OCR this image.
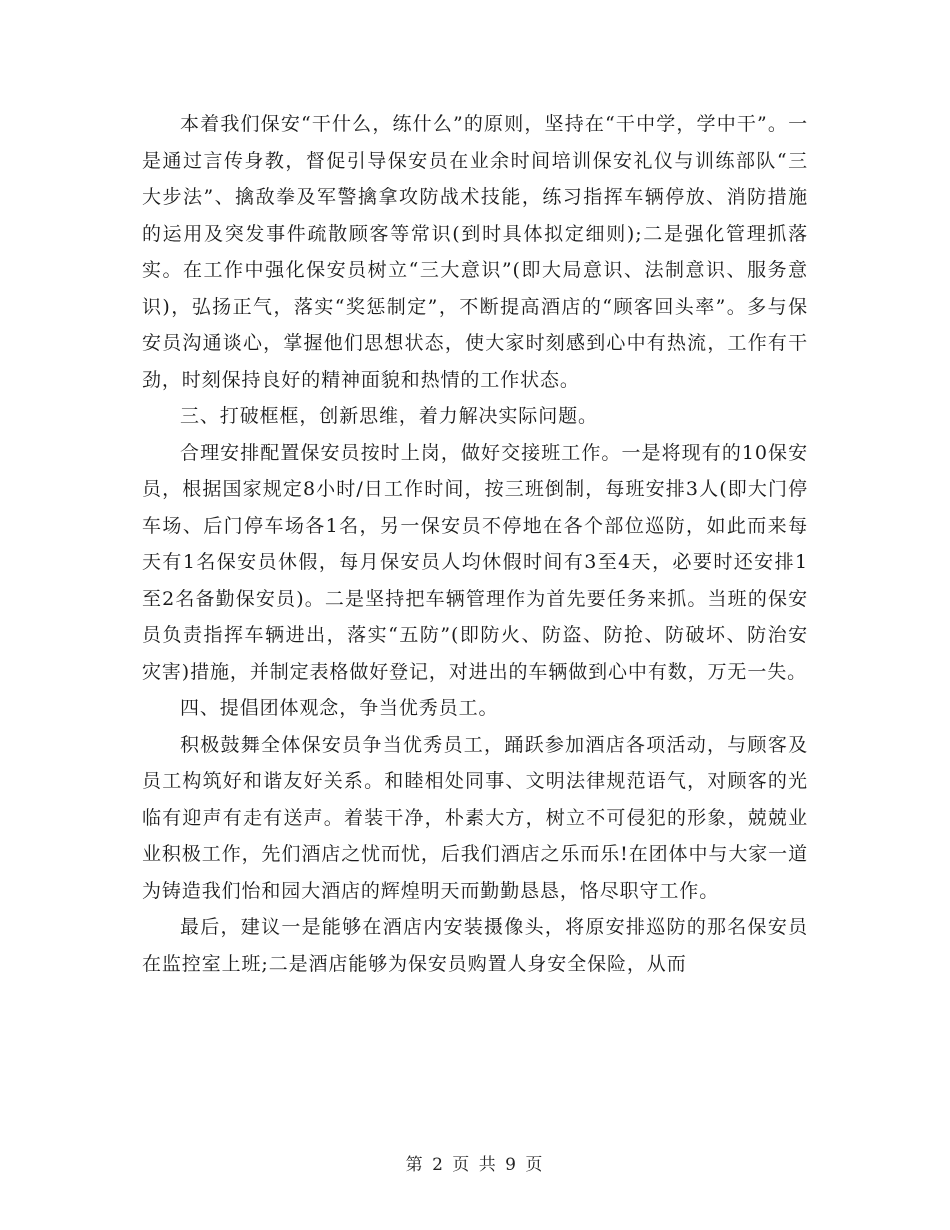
本着我们保安“干什么，练什么”的原则，坚持在“干中学，学中干”。一是通过言传身教，督促引导保安员在业余时间培训保安礼仪与训练部队“三大步法”、擒敌拳及军警擒拿攻防战术技能，练习指挥车辆停放、消防措施的运用及突发事件疏散顾客等常识(到时具体拟定细则);二是强化管理抓落实。在工作中强化保安员树立“三大意识”(即大局意识、法制意识、服务意识)，弘扬正气，落实“奖惩制定”，不断提高酒店的“顾客回头率”。多与保安员沟通谈心，掌握他们思想状态，使大家时刻感到心中有热流，工作有干劲，时刻保持良好的精神面貌和热情的工作状态。

三、打破框框，创新思维，着力解决实际问题。

合理安排配置保安员按时上岗，做好交接班工作。一是将现有的10保安员，根据国家规定8小时/日工作时间，按三班倒制，每班安排3人(即大门停车场、后门停车场各1名，另一保安员不停地在各个部位巡防，如此而来每天有1名保安员休假，每月保安员人均休假时间有3至4天，必要时还安排1至2名备勤保安员)。二是坚持把车辆管理作为首先要任务来抓。当班的保安员负责指挥车辆进出，落实“五防”(即防火、防盗、防抢、防破坏、防治安灾害)措施，并制定表格做好登记，对进出的车辆做到心中有数，万无一失。

四、提倡团体观念，争当优秀员工。

积极鼓舞全体保安员争当优秀员工，踊跃参加酒店各项活动，与顾客及员工构筑好和谐友好关系。和睦相处同事、文明法律规范语气，对顾客的光临有迎声有走有送声。着装干净，朴素大方，树立不可侵犯的形象，兢兢业业积极工作，先们酒店之忧而忧，后我们酒店之乐而乐!在团体中与大家一道为铸造我们怡和园大酒店的辉煌明天而勤勤恳恳，恪尽职守工作。

最后，建议一是能够在酒店内安装摄像头，将原安排巡防的那名保安员在监控室上班;二是酒店能够为保安员购置人身安全保险，从而

第 2 页 共 9 页
